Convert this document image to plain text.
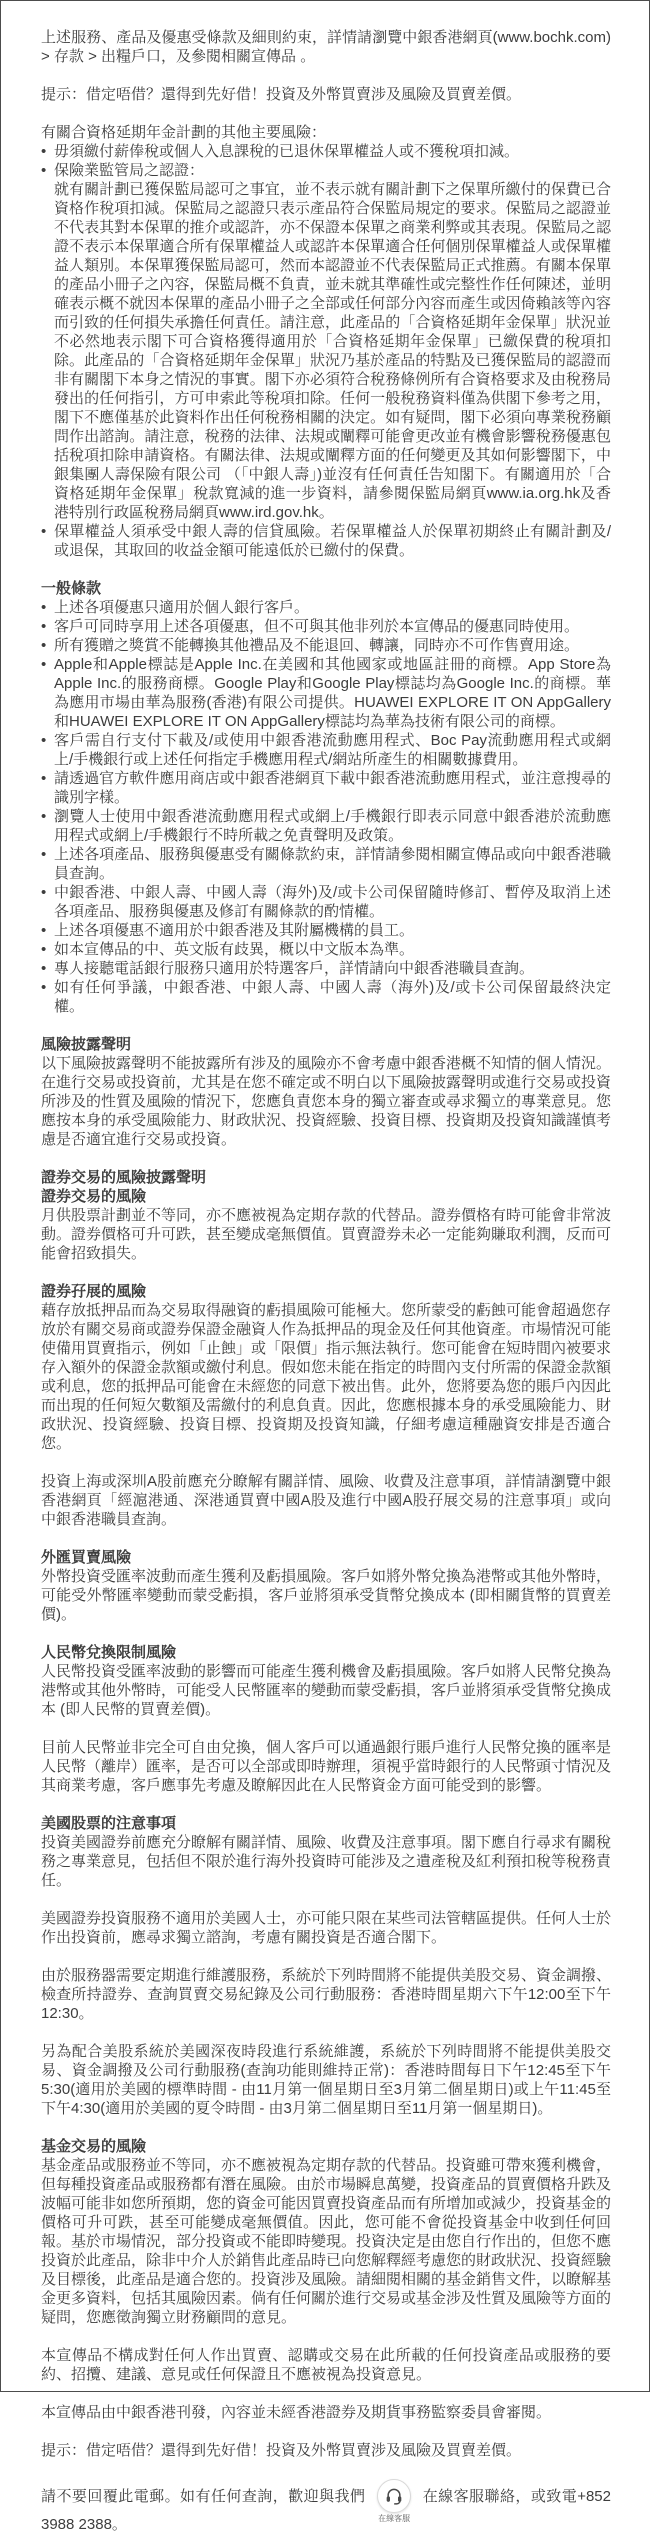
上述服務、產品及優惠受條款及細則約束，詳情請瀏覽中銀香港網頁(www.bochk.com) > 存款 > 出糧戶口，及參閱相關宣傳品 。

提示：借定唔借？還得到先好借！投資及外幣買賣涉及風險及買賣差價。

有關合資格延期年金計劃的其他主要風險：

• 毋須繳付薪俸稅或個人入息課稅的已退休保單權益人或不獲稅項扣減。
• 保險業監管局之認證：
就有關計劃已獲保監局認可之事宜，並不表示就有關計劃下之保單所繳付的保費已合資格作稅項扣減。保監局之認證只表示產品符合保監局規定的要求。保監局之認證並不代表其對本保單的推介或認許，亦不保證本保單之商業利弊或其表現。保監局之認證不表示本保單適合所有保單權益人或認許本保單適合任何個別保單權益人或保單權益人類別。本保單獲保監局認可，然而本認證並不代表保監局正式推薦。有關本保單的產品小冊子之內容，保監局概不負責，並未就其準確性或完整性作任何陳述，並明確表示概不就因本保單的產品小冊子之全部或任何部分內容而產生或因倚賴該等內容而引致的任何損失承擔任何責任。請注意，此產品的「合資格延期年金保單」狀況並不必然地表示閣下可合資格獲得適用於「合資格延期年金保單」已繳保費的稅項扣除。此產品的「合資格延期年金保單」狀況乃基於產品的特點及已獲保監局的認證而非有關閣下本身之情況的事實。閣下亦必須符合稅務條例所有合資格要求及由稅務局發出的任何指引，方可申索此等稅項扣除。任何一般稅務資料僅為供閣下參考之用，閣下不應僅基於此資料作出任何稅務相關的決定。如有疑問，閣下必須向專業稅務顧問作出諮詢。請注意，稅務的法律、法規或闡釋可能會更改並有機會影響稅務優惠包括稅項扣除申請資格。有關法律、法規或闡釋方面的任何變更及其如何影響閣下，中銀集團人壽保險有限公司 （「中銀人壽」)並沒有任何責任告知閣下。有關適用於「合資格延期年金保單」稅款寬減的進一步資料，請參閱保監局網頁www.ia.org.hk及香港特別行政區稅務局網頁www.ird.gov.hk。
• 保單權益人須承受中銀人壽的信貸風險。若保單權益人於保單初期終止有關計劃及/或退保，其取回的收益金額可能遠低於已繳付的保費。
一般條款
• 上述各項優惠只適用於個人銀行客戶。
• 客戶可同時享用上述各項優惠，但不可與其他非列於本宣傳品的優惠同時使用。
• 所有獲贈之獎賞不能轉換其他禮品及不能退回、轉讓，同時亦不可作售賣用途。
• Apple和Apple標誌是Apple Inc.在美國和其他國家或地區註冊的商標。App Store為Apple Inc.的服務商標。Google Play和Google Play標誌均為Google Inc.的商標。華為應用市場由華為服務(香港)有限公司提供。HUAWEI EXPLORE IT ON AppGallery和HUAWEI EXPLORE IT ON AppGallery標誌均為華為技術有限公司的商標。
• 客戶需自行支付下載及/或使用中銀香港流動應用程式、Boc Pay流動應用程式或網上/手機銀行或上述任何指定手機應用程式/網站所產生的相關數據費用。
• 請透過官方軟件應用商店或中銀香港網頁下載中銀香港流動應用程式，並注意搜尋的識別字樣。
• 瀏覽人士使用中銀香港流動應用程式或網上/手機銀行即表示同意中銀香港於流動應用程式或網上/手機銀行不時所載之免責聲明及政策。
• 上述各項產品、服務與優惠受有關條款約束，詳情請參閱相關宣傳品或向中銀香港職員查詢。
• 中銀香港、中銀人壽、中國人壽（海外)及/或卡公司保留隨時修訂、暫停及取消上述各項產品、服務與優惠及修訂有關條款的酌情權。
• 上述各項優惠不適用於中銀香港及其附屬機構的員工。
• 如本宣傳品的中、英文版有歧異，概以中文版本為準。
• 專人接聽電話銀行服務只適用於特選客戶，詳情請向中銀香港職員查詢。
• 如有任何爭議，中銀香港、中銀人壽、中國人壽（海外)及/或卡公司保留最終決定權。
風險披露聲明

以下風險披露聲明不能披露所有涉及的風險亦不會考慮中銀香港概不知情的個人情況。在進行交易或投資前，尤其是在您不確定或不明白以下風險披露聲明或進行交易或投資所涉及的性質及風險的情況下，您應負責您本身的獨立審查或尋求獨立的專業意見。您應按本身的承受風險能力、財政狀況、投資經驗、投資目標、投資期及投資知識謹慎考慮是否適宜進行交易或投資。

證券交易的風險披露聲明
證券交易的風險

月供股票計劃並不等同，亦不應被視為定期存款的代替品。證券價格有時可能會非常波動。證券價格可升可跌，甚至變成毫無價值。買賣證券未必一定能夠賺取利潤，反而可能會招致損失。

證券孖展的風險

藉存放抵押品而為交易取得融資的虧損風險可能極大。您所蒙受的虧蝕可能會超過您存放於有關交易商或證券保證金融資人作為抵押品的現金及任何其他資產。市場情況可能使備用買賣指示，例如「止蝕」或「限價」指示無法執行。您可能會在短時間內被要求存入額外的保證金款額或繳付利息。假如您未能在指定的時間內支付所需的保證金款額或利息，您的抵押品可能會在未經您的同意下被出售。此外，您將要為您的賬戶內因此而出現的任何短欠數額及需繳付的利息負責。因此，您應根據本身的承受風險能力、財政狀況、投資經驗、投資目標、投資期及投資知識，仔細考慮這種融資安排是否適合您。

投資上海或深圳A股前應充分瞭解有關詳情、風險、收費及注意事項，詳情請瀏覽中銀香港網頁「經滬港通、深港通買賣中國A股及進行中國A股孖展交易的注意事項」或向中銀香港職員查詢。

外匯買賣風險

外幣投資受匯率波動而產生獲利及虧損風險。客戶如將外幣兌換為港幣或其他外幣時，可能受外幣匯率變動而蒙受虧損，客戶並將須承受貨幣兌換成本 (即相關貨幣的買賣差價)。

人民幣兌換限制風險

人民幣投資受匯率波動的影響而可能產生獲利機會及虧損風險。客戶如將人民幣兌換為港幣或其他外幣時，可能受人民幣匯率的變動而蒙受虧損，客戶並將須承受貨幣兌換成本 (即人民幣的買賣差價)。

目前人民幣並非完全可自由兌換，個人客戶可以通過銀行賬戶進行人民幣兌換的匯率是人民幣（離岸）匯率，是否可以全部或即時辦理，須視乎當時銀行的人民幣頭寸情況及其商業考慮，客戶應事先考慮及瞭解因此在人民幣資金方面可能受到的影響。

美國股票的注意事項

投資美國證券前應充分瞭解有關詳情、風險、收費及注意事項。閣下應自行尋求有關稅務之專業意見，包括但不限於進行海外投資時可能涉及之遺產稅及紅利預扣稅等稅務責任。

美國證券投資服務不適用於美國人士，亦可能只限在某些司法管轄區提供。任何人士於作出投資前，應尋求獨立諮詢，考慮有關投資是否適合閣下。

由於服務器需要定期進行維護服務，系統於下列時間將不能提供美股交易、資金調撥、檢查所持證券、查詢買賣交易紀錄及公司行動服務：香港時間星期六下午12:00至下午12:30。

另為配合美股系統於美國深夜時段進行系統維護，系統於下列時間將不能提供美股交易、資金調撥及公司行動服務(查詢功能則維持正常)：香港時間每日下午12:45至下午5:30(適用於美國的標準時間 - 由11月第一個星期日至3月第二個星期日)或上午11:45至下午4:30(適用於美國的夏令時間 - 由3月第二個星期日至11月第一個星期日)。

基金交易的風險

基金產品或服務並不等同，亦不應被視為定期存款的代替品。投資雖可帶來獲利機會，但每種投資產品或服務都有潛在風險。由於市場瞬息萬變，投資產品的買賣價格升跌及波幅可能非如您所預期，您的資金可能因買賣投資產品而有所增加或減少，投資基金的價格可升可跌，甚至可能變成毫無價值。因此，您可能不會從投資基金中收到任何回報。基於市場情況，部分投資或不能即時變現。投資決定是由您自行作出的，但您不應投資於此產品，除非中介人於銷售此產品時已向您解釋經考慮您的財政狀況、投資經驗及目標後，此產品是適合您的。投資涉及風險。請細閱相關的基金銷售文件，以瞭解基金更多資料，包括其風險因素。倘有任何關於進行交易或基金涉及性質及風險等方面的疑問，您應徵詢獨立財務顧問的意見。

本宣傳品不構成對任何人作出買賣、認購或交易在此所載的任何投資產品或服務的要約、招攬、建議、意見或任何保證且不應被視為投資意見。

本宣傳品由中銀香港刊發，內容並未經香港證券及期貨事務監察委員會審閱。

提示：借定唔借？還得到先好借！投資及外幣買賣涉及風險及買賣差價。

請不要回覆此電郵。如有任何查詢，歡迎與我們
在線客服
在線客服聯絡，或致電+852 3988 2388。
